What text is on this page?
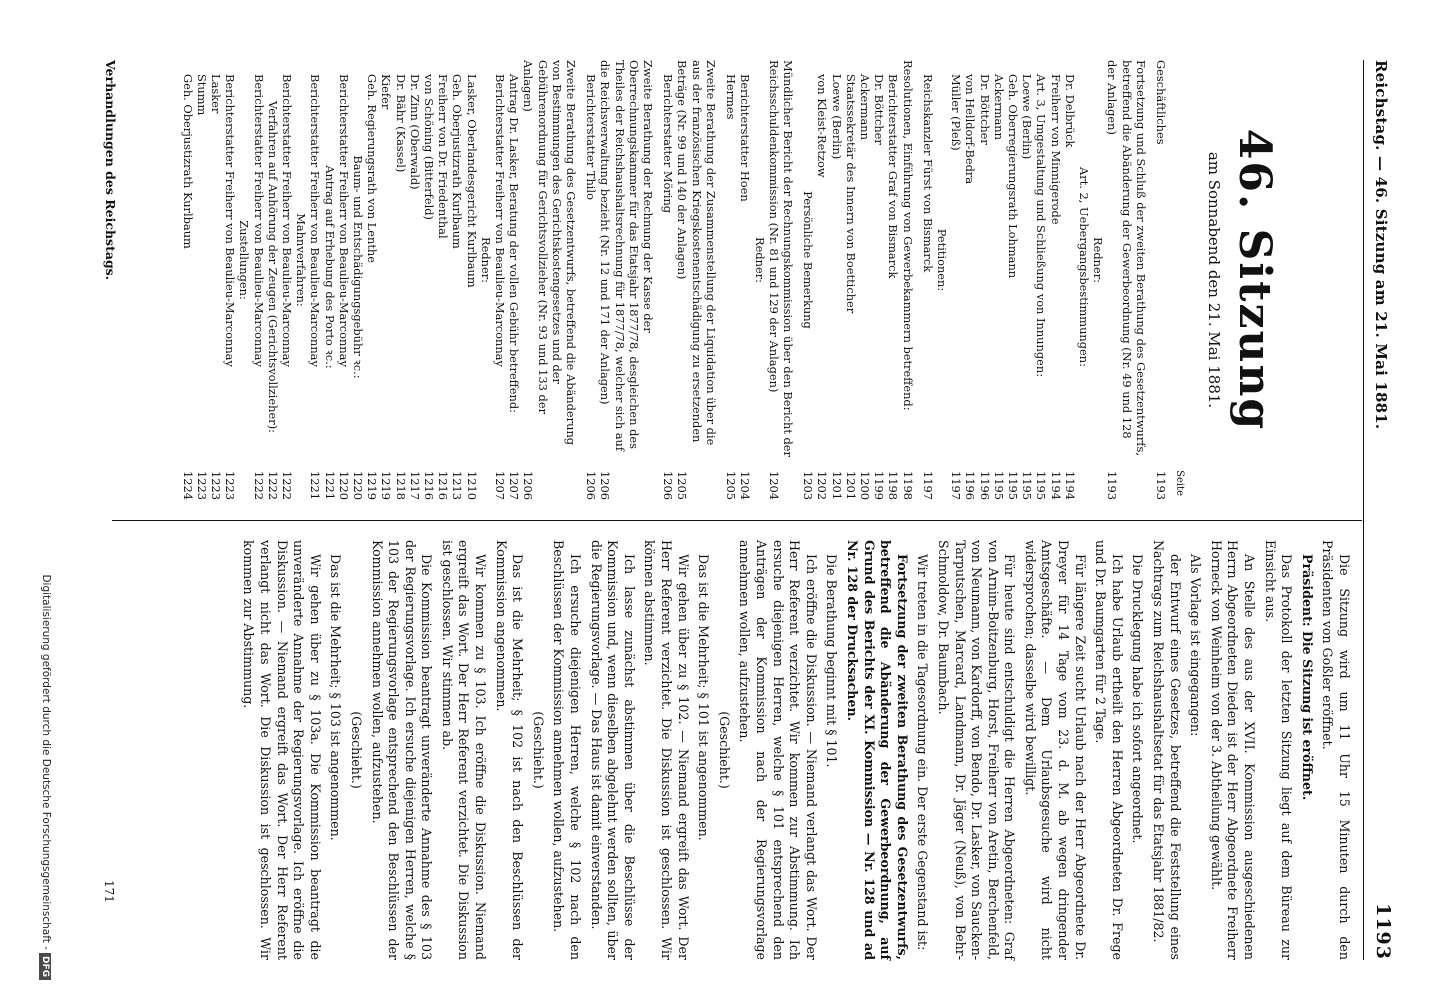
Reichstag. — 46. Sitzung am 21. Mai 1881.
1193
46. Sitzung
am Sonnabend den 21. Mai 1881.
Seite
Geschäftliches
1193
Fortsetzung und Schluß der zweiten Berathung des Gesetzentwurfs, betreffend die Abänderung der Gewerbeordnung (Nr. 49 und 128 der Anlagen)
1193
Redner:
Art. 2, Uebergangsbestimmungen:
Dr. Delbrück
1194
Freiherr von Minnigerode
1194
Art. 3, Umgestaltung und Schließung von Innungen:
1195
Loewe (Berlin)
1195
Geh. Oberregierungsrath Lohmann
1195
Ackermann
1195
Dr. Böttcher
1196
von Helldorf-Bedra
1196
Müller (Pleß)
1197
Petitionen:
Reichskanzler Fürst von Bismarck
1197
Resolutionen, Einführung von Gewerbekammern betreffend:
1198
Berichterstatter Graf von Bismarck
1198
Dr. Böttcher
1199
Ackermann
1200
Staatssekretär des Innern von Boetticher
1201
Loewe (Berlin)
1201
von Kleist-Retzow
1202
Persönliche Bemerkung
1203
Mündlicher Bericht der Rechnungskommission über den Bericht der Reichsschuldenkommission (Nr. 81 und 129 der Anlagen)
1204
Redner:
Berichterstatter Hoen
1204
Hermes
1205
Zweite Berathung der Zusammenstellung der Liquidation über die aus der französischen Kriegskostenentschädigung zu ersetzenden Beträge (Nr. 99 und 140 der Anlagen)
1205
Berichterstatter Möring
1206
Zweite Berathung der Rechnung der Kasse der Oberrechnungskammer für das Etatsjahr 1877/78, desgleichen des Theiles der Reichshaushaltsrechnung für 1877/78, welcher sich auf die Reichsverwaltung bezieht (Nr. 12 und 171 der Anlagen)
1206
Berichterstatter Thilo
1206
Zweite Berathung des Gesetzentwurfs, betreffend die Abänderung von Bestimmungen des Gerichtskostengesetzes und der Gebührenordnung für Gerichtsvollzieher (Nr. 93 und 133 der Anlagen)
1206
Antrag Dr. Lasker, Beratung der vollen Gebühr betreffend:
1207
Berichterstatter Freiherr von Beaulieu-Marconnay
1207
Redner:
Lasker, Oberlandesgericht Kurlbaum
1210
Geh. Oberjustizrath Kurlbaum
1213
Freiherr von Dr. Friedenthal
1216
von Schöning (Bitterfeld)
1216
Dr. Zinn (Oberwald)
1217
Dr. Bähr (Kassel)
1218
Kiefer
1219
Geh. Regierungsrath von Lenthe
1219
Baum- und Entschädigungsgebühr ꝛc.:
1220
Berichterstatter Freiherr von Beaulieu-Marconnay
1220
Antrag auf Erhebung des Porto ꝛc.:
1221
Berichterstatter Freiherr von Beaulieu-Marconnay
1221
Mahnverfahren:
Berichterstatter Freiherr von Beaulieu-Marconnay
1222
Verfahren auf Anhörung der Zeugen (Gerichtsvollzieher):
1222
Berichterstatter Freiherr von Beaulieu-Marconnay
1222
Zustellungen:
Berichterstatter Freiherr von Beaulieu-Marconnay
1223
Lasker
1223
Stumm
1223
Geh. Oberjustizrath Kurlbaum
1224

Die Sitzung wird um 11 Uhr 15 Minuten durch den Präsidenten von Goßler eröffnet.

Präsident: Die Sitzung ist eröffnet.

Das Protokoll der letzten Sitzung liegt auf dem Büreau zur Einsicht aus.

An Stelle des aus der XVII. Kommission ausgeschiedenen Herrn Abgeordneten Dieden ist der Herr Abgeordnete Freiherr Horneck von Weinheim von der 3. Abtheilung gewählt.

Als Vorlage ist eingegangen:

der Entwurf eines Gesetzes, betreffend die Feststellung eines Nachtrags zum Reichshaushaltsetat für das Etatsjahr 1881/82.

Die Drucklegung habe ich sofort angeordnet.

Ich habe Urlaub ertheilt den Herren Abgeordneten Dr. Frege und Dr. Baumgarten für 2 Tage.

Für längere Zeit sucht Urlaub nach der Herr Abgeordnete Dr. Dreyer für 14 Tage vom 23. d. M. ab wegen dringender Amtsgeschäfte. — Dem Urlaubsgesuche wird nicht widersprochen; dasselbe wird bewilligt.

Für heute sind entschuldigt die Herren Abgeordneten: Graf von Arnim-Boitzenburg, Horst, Freiherr von Aretin, Berchenfeld, von Neumann, von Kardorff, von Bendo, Dr. Lasker, von Saucken-Tarputschen, Marcard, Landmann, Dr. Jäger (Neuß), von Behr-Schmoldow, Dr. Baumbach.

Wir treten in die Tagesordnung ein. Der erste Gegenstand ist:

Fortsetzung der zweiten Berathung des Gesetzentwurfs, betreffend die Abänderung der Gewerbeordnung, auf Grund des Berichts der XI. Kommission — Nr. 128 und ad Nr. 128 der Drucksachen.

Die Berathung beginnt mit § 101.

Ich eröffne die Diskussion. — Niemand verlangt das Wort. Der Herr Referent verzichtet. Wir kommen zur Abstimmung. Ich ersuche diejenigen Herren, welche § 101 entsprechend den Anträgen der Kommission nach der Regierungsvorlage annehmen wollen, aufzustehen.

(Geschieht.)

Das ist die Mehrheit; § 101 ist angenommen.

Wir gehen über zu § 102. — Niemand ergreift das Wort. Der Herr Referent verzichtet. Die Diskussion ist geschlossen. Wir können abstimmen.

Ich lasse zunächst abstimmen über die Beschlüsse der Kommission und, wenn dieselben abgelehnt werden sollten, über die Regierungsvorlage. — Das Haus ist damit einverstanden.

Ich ersuche diejenigen Herren, welche § 102 nach den Beschlüssen der Kommission annehmen wollen, aufzustehen.

(Geschieht.)

Das ist die Mehrheit; § 102 ist nach den Beschlüssen der Kommission angenommen.

Wir kommen zu § 103. Ich eröffne die Diskussion. Niemand ergreift das Wort. Der Herr Referent verzichtet. Die Diskussion ist geschlossen. Wir stimmen ab.

Die Kommission beantragt unveränderte Annahme des § 103 der Regierungsvorlage. Ich ersuche diejenigen Herren, welche § 103 der Regierungsvorlage entsprechend den Beschlüssen der Kommission annehmen wollen, aufzustehen.

(Geschieht.)

Das ist die Mehrheit; § 103 ist angenommen.

Wir gehen über zu § 103a. Die Kommission beantragt die unveränderte Annahme der Regierungsvorlage. Ich eröffne die Diskussion. — Niemand ergreift das Wort. Der Herr Referent verlangt nicht das Wort. Die Diskussion ist geschlossen. Wir kommen zur Abstimmung.

Verhandlungen des Reichstags.
171
Digitalisierung gefördert durch die Deutsche Forschungsgemeinschaft -DFG
